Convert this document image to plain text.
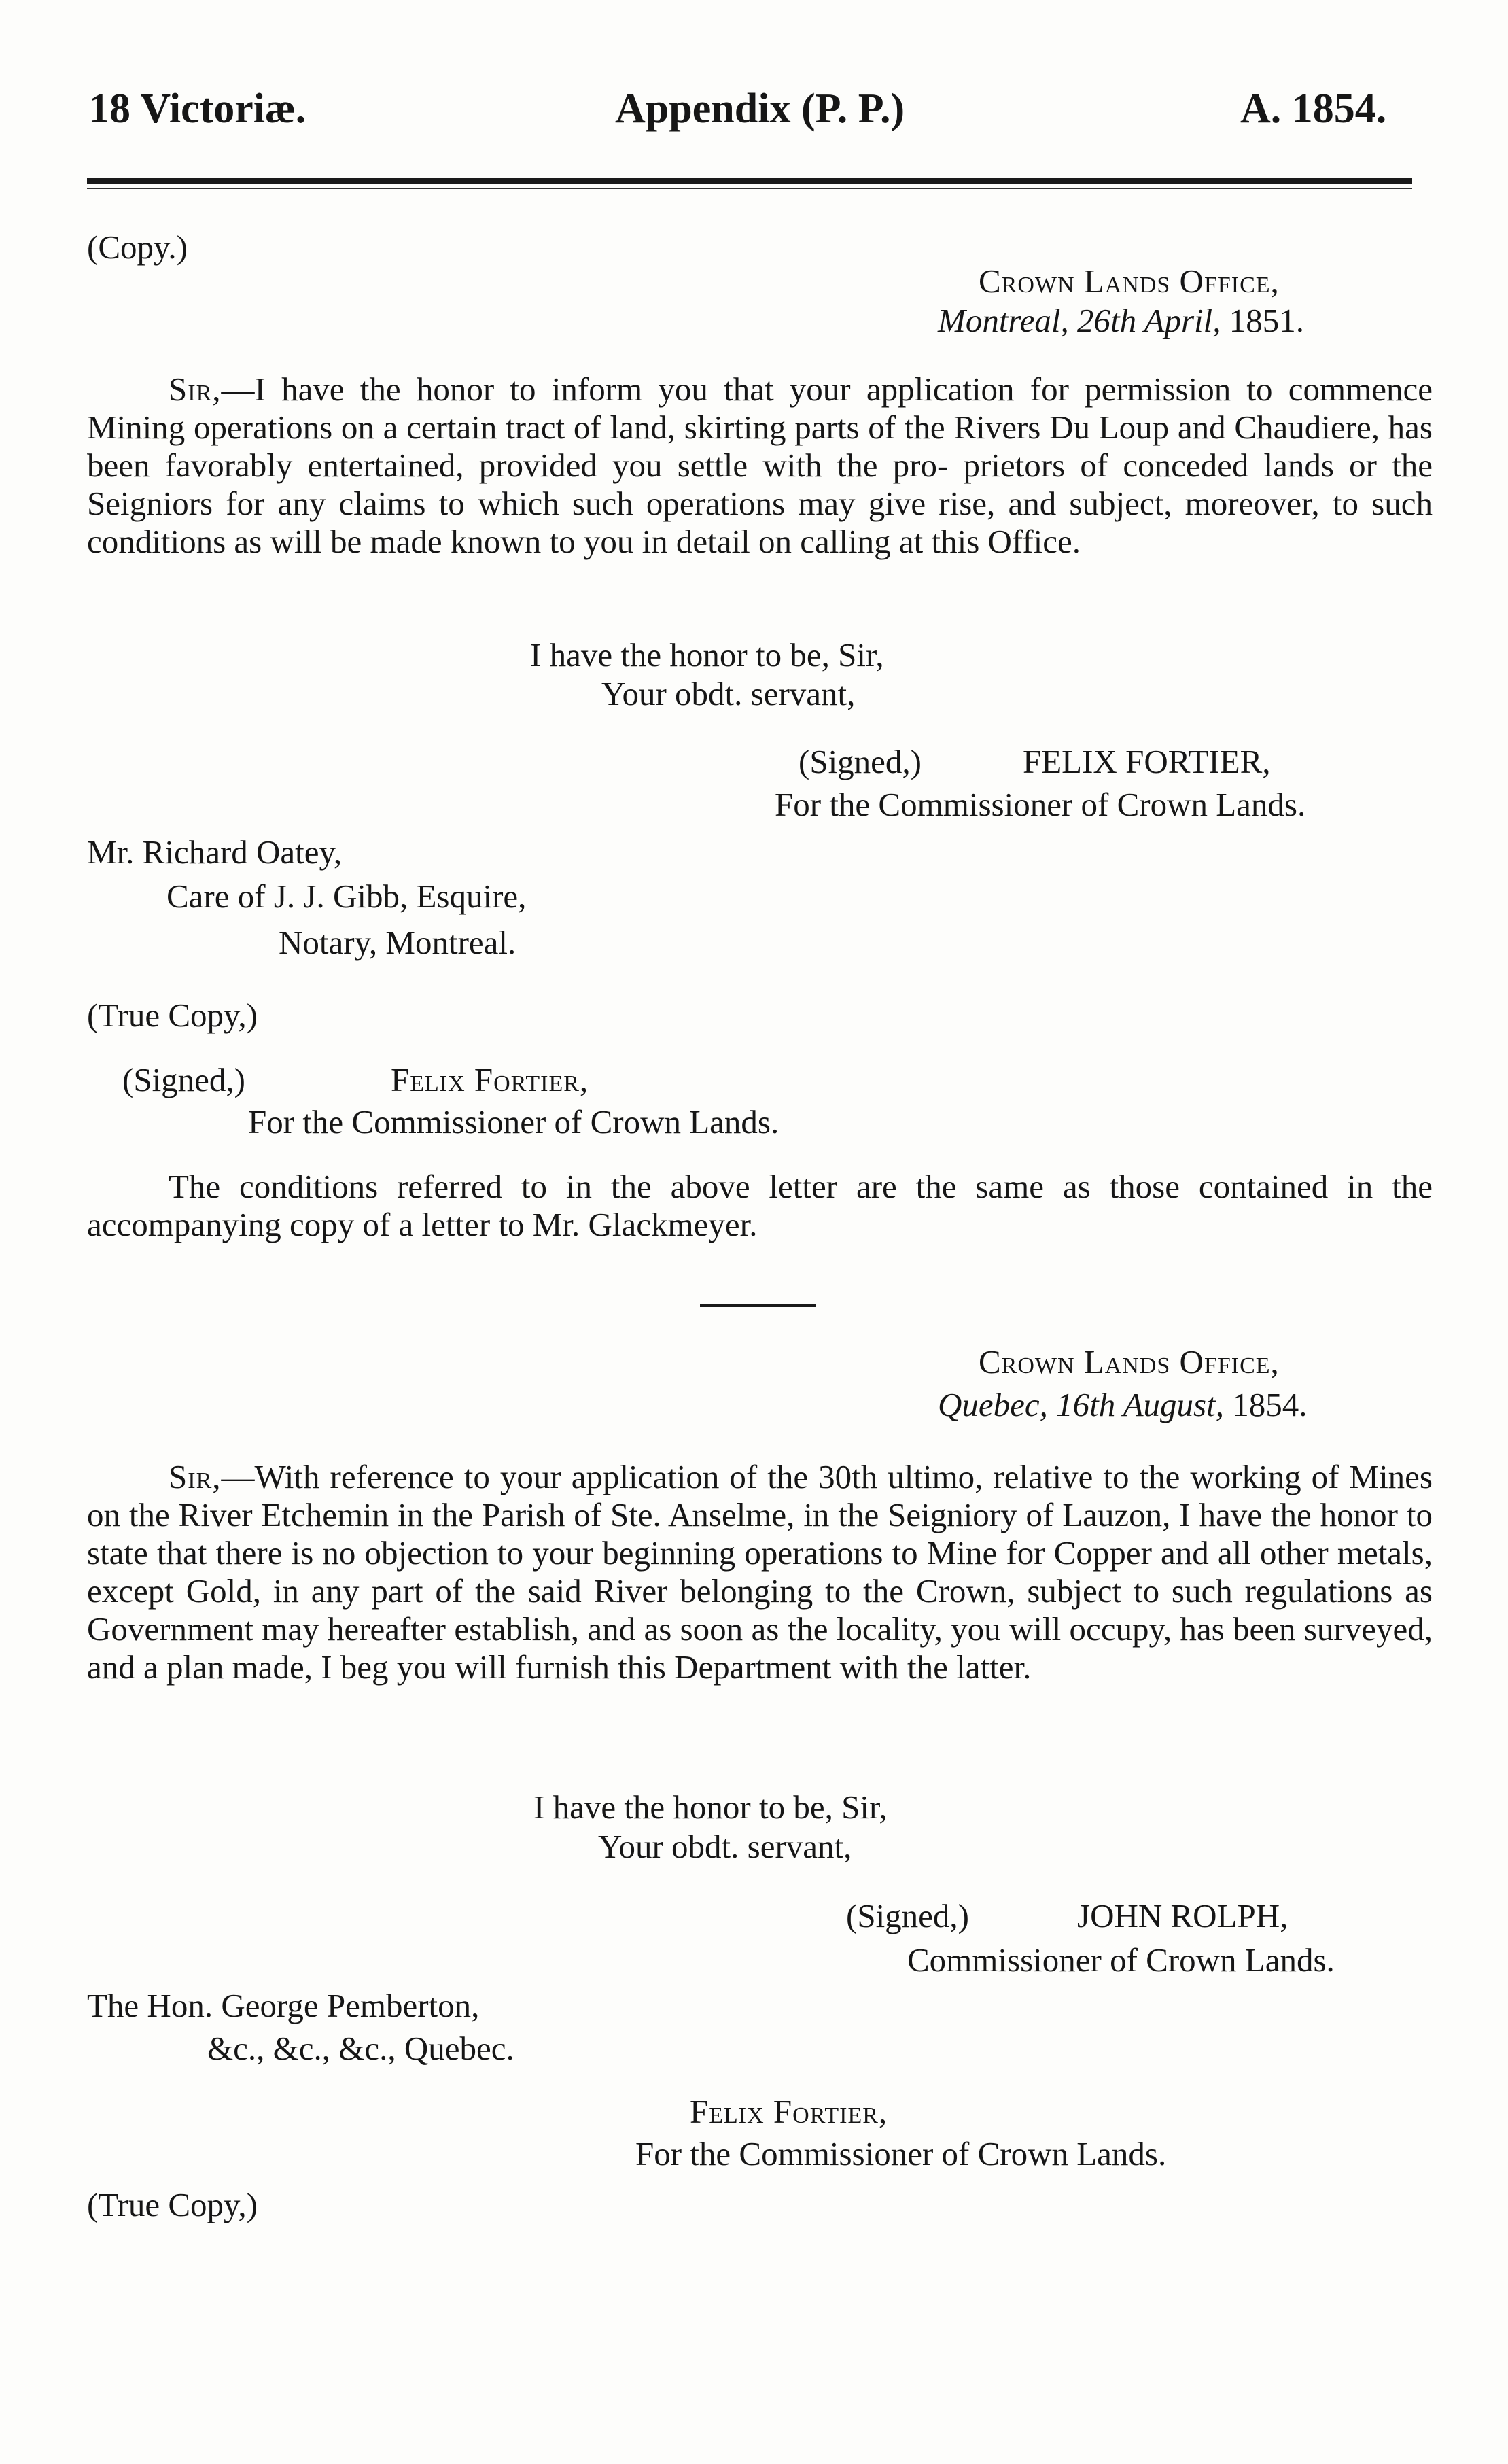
18 Victoriæ.	Appendix (P. P.)	A. 1854.
(Copy.)
Crown Lands Office,
Montreal, 26th April, 1851.
Sir,—I have the honor to inform you that your application for permission to commence Mining operations on a certain tract of land, skirting parts of the Rivers Du Loup and Chaudiere, has been favorably entertained, provided you settle with the pro- prietors of conceded lands or the Seigniors for any claims to which such operations may give rise, and subject, moreover, to such conditions as will be made known to you in detail on calling at this Office.
I have the honor to be, Sir,
Your obdt. servant,
(Signed,)	FELIX FORTIER,
For the Commissioner of Crown Lands.
Mr. Richard Oatey,
Care of J. J. Gibb, Esquire,
Notary, Montreal.
(True Copy,)
(Signed,)	Felix Fortier,
For the Commissioner of Crown Lands.
The conditions referred to in the above letter are the same as those contained in the accompanying copy of a letter to Mr. Glackmeyer.
Crown Lands Office,
Quebec, 16th August, 1854.
Sir,—With reference to your application of the 30th ultimo, relative to the working of Mines on the River Etchemin in the Parish of Ste. Anselme, in the Seigniory of Lauzon, I have the honor to state that there is no objection to your beginning operations to Mine for Copper and all other metals, except Gold, in any part of the said River belonging to the Crown, subject to such regulations as Government may hereafter establish, and as soon as the locality, you will occupy, has been surveyed, and a plan made, I beg you will furnish this Department with the latter.
I have the honor to be, Sir,
Your obdt. servant,
(Signed,)	JOHN ROLPH,
Commissioner of Crown Lands.
The Hon. George Pemberton,
&c., &c., &c., Quebec.
Felix Fortier,
For the Commissioner of Crown Lands.
(True Copy,)
